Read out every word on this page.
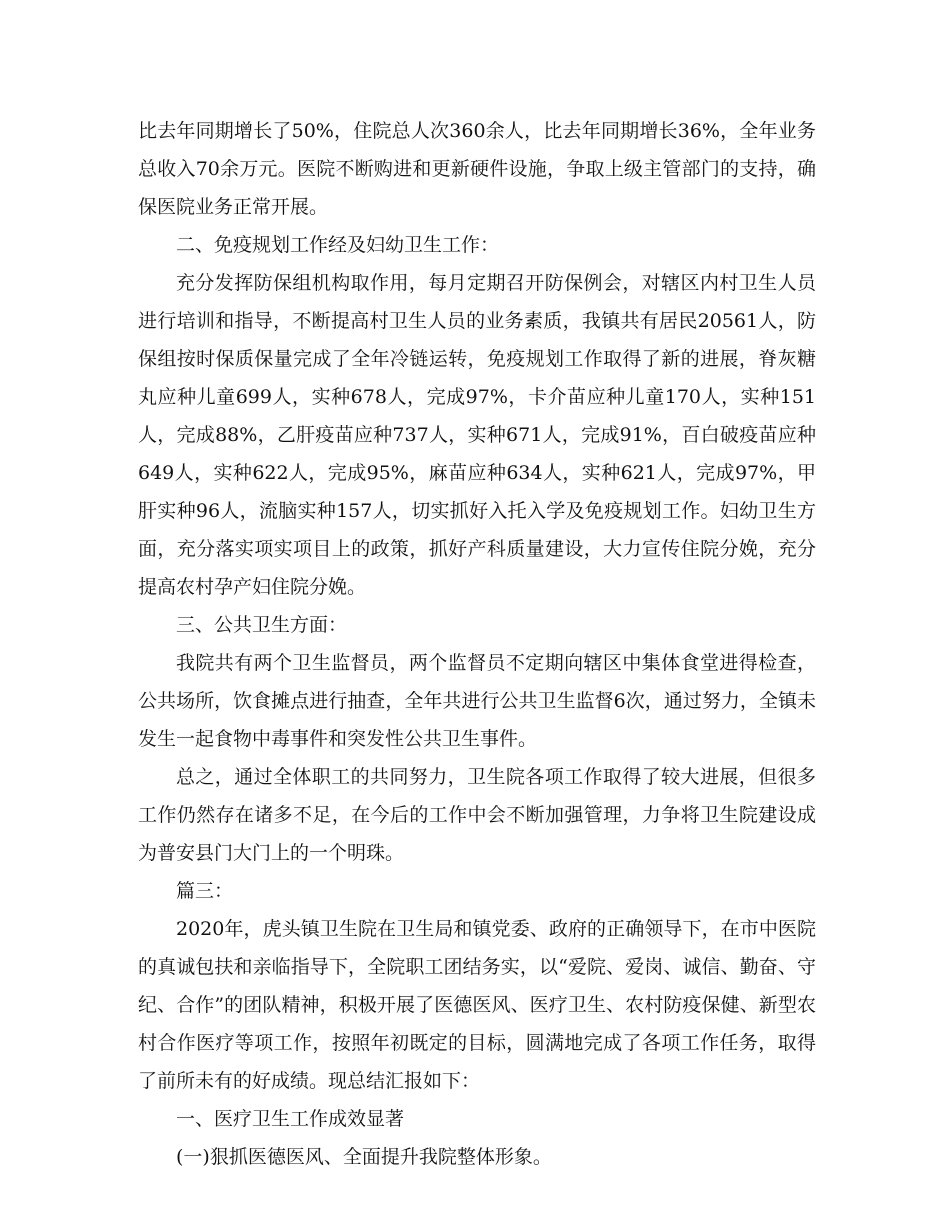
比去年同期增长了50%，住院总人次360余人，比去年同期增长36%，全年业务总收入70余万元。医院不断购进和更新硬件设施，争取上级主管部门的支持，确保医院业务正常开展。

二、免疫规划工作经及妇幼卫生工作：

充分发挥防保组机构取作用，每月定期召开防保例会，对辖区内村卫生人员进行培训和指导，不断提高村卫生人员的业务素质，我镇共有居民20561人，防保组按时保质保量完成了全年冷链运转，免疫规划工作取得了新的进展，脊灰糖丸应种儿童699人，实种678人，完成97%，卡介苗应种儿童170人，实种151人，完成88%，乙肝疫苗应种737人，实种671人，完成91%，百白破疫苗应种649人，实种622人，完成95%，麻苗应种634人，实种621人，完成97%，甲肝实种96人，流脑实种157人，切实抓好入托入学及免疫规划工作。妇幼卫生方面，充分落实项实项目上的政策，抓好产科质量建设，大力宣传住院分娩，充分提高农村孕产妇住院分娩。

三、公共卫生方面：

我院共有两个卫生监督员，两个监督员不定期向辖区中集体食堂进得检查，公共场所，饮食摊点进行抽查，全年共进行公共卫生监督6次，通过努力，全镇未发生一起食物中毒事件和突发性公共卫生事件。

总之，通过全体职工的共同努力，卫生院各项工作取得了较大进展，但很多工作仍然存在诸多不足，在今后的工作中会不断加强管理，力争将卫生院建设成为普安县门大门上的一个明珠。

篇三：

2020年，虎头镇卫生院在卫生局和镇党委、政府的正确领导下，在市中医院的真诚包扶和亲临指导下，全院职工团结务实，以“爱院、爱岗、诚信、勤奋、守纪、合作”的团队精神，积极开展了医德医风、医疗卫生、农村防疫保健、新型农村合作医疗等项工作，按照年初既定的目标，圆满地完成了各项工作任务，取得了前所未有的好成绩。现总结汇报如下：

一、医疗卫生工作成效显著

(一)狠抓医德医风、全面提升我院整体形象。
